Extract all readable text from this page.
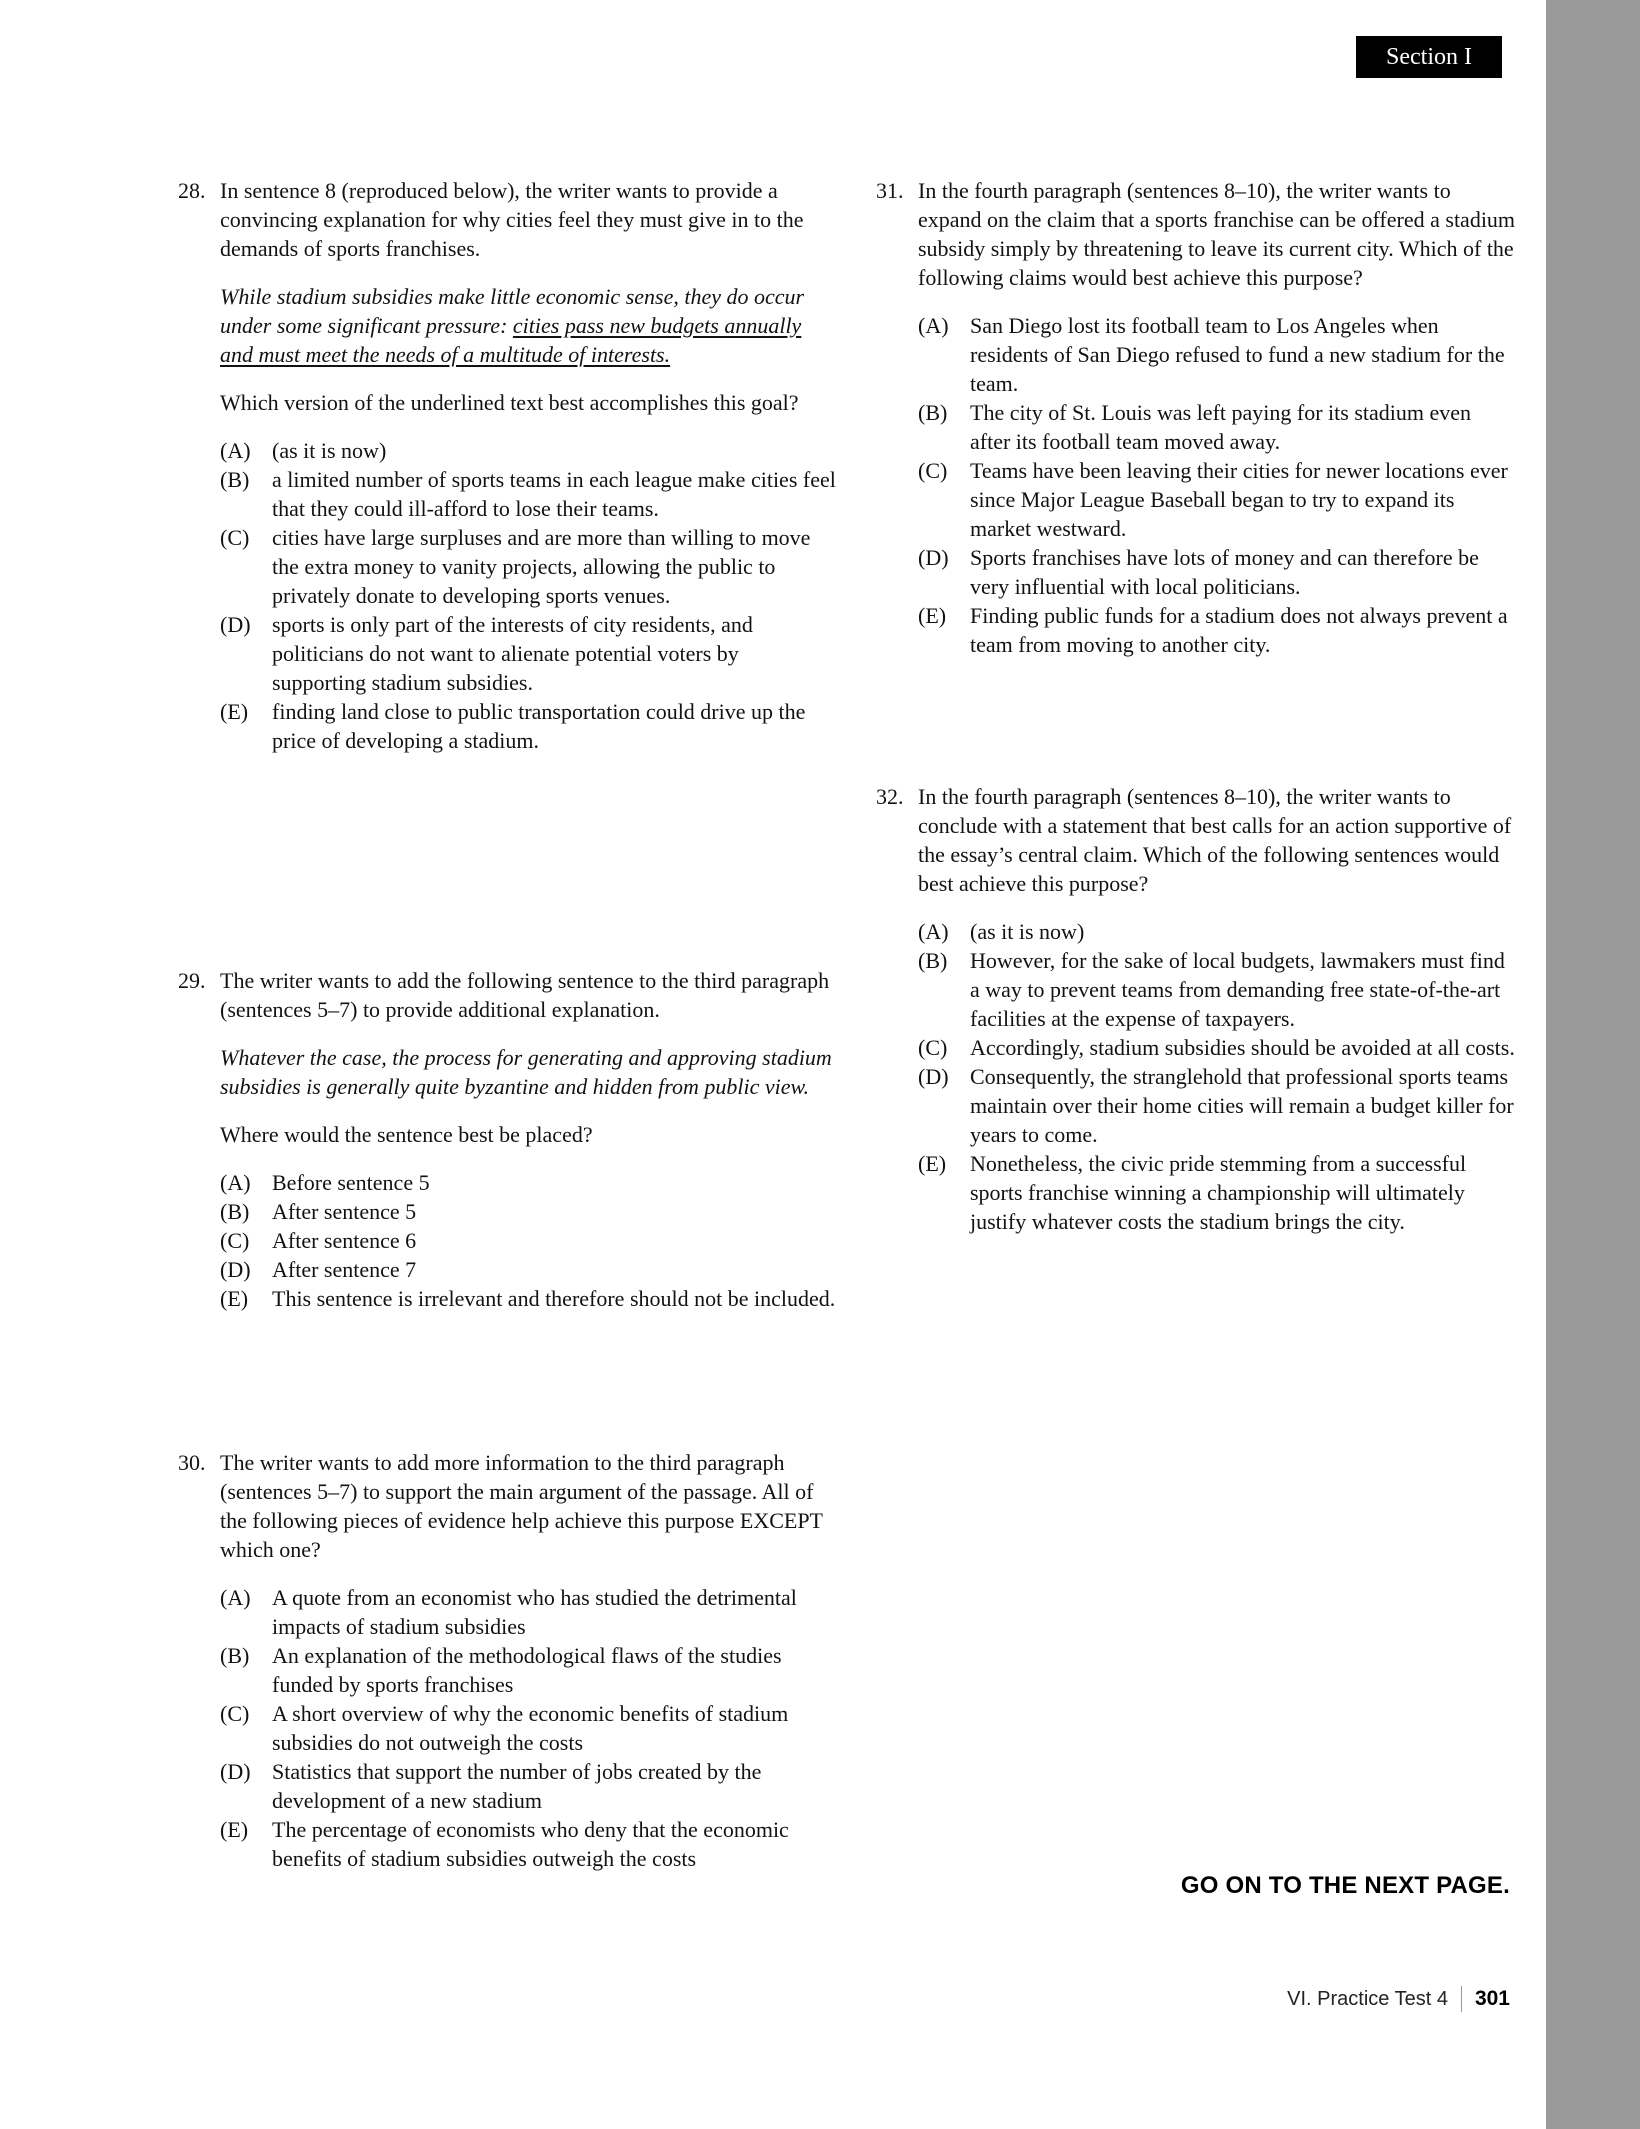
Section I
28. In sentence 8 (reproduced below), the writer wants to provide a convincing explanation for why cities feel they must give in to the demands of sports franchises.

While stadium subsidies make little economic sense, they do occur under some significant pressure: cities pass new budgets annually and must meet the needs of a multitude of interests.

Which version of the underlined text best accomplishes this goal?

(A) (as it is now)
(B)	a limited number of sports teams in each league make cities feel that they could ill-afford to lose their teams.
(C)	cities have large surpluses and are more than willing to move the extra money to vanity projects, allowing the public to privately donate to developing sports venues.
(D) sports is only part of the interests of city residents, and politicians do not want to alienate potential voters by supporting stadium subsidies.
(E)	finding land close to public transportation could drive up the price of developing a stadium.
29. The writer wants to add the following sentence to the third paragraph (sentences 5–7) to provide additional explanation.

Whatever the case, the process for generating and approving stadium subsidies is generally quite byzantine and hidden from public view.

Where would the sentence best be placed?

(A) Before sentence 5
(B)	After sentence 5
(C)	After sentence 6
(D) After sentence 7
(E)	This sentence is irrelevant and therefore should not be included.
30. The writer wants to add more information to the third paragraph (sentences 5–7) to support the main argument of the passage. All of the following pieces of evidence help achieve this purpose EXCEPT which one?

(A) A quote from an economist who has studied the detrimental impacts of stadium subsidies
(B)	An explanation of the methodological flaws of the studies funded by sports franchises
(C)	A short overview of why the economic benefits of stadium subsidies do not outweigh the costs
(D) Statistics that support the number of jobs created by the development of a new stadium
(E)	The percentage of economists who deny that the economic benefits of stadium subsidies outweigh the costs
31. In the fourth paragraph (sentences 8–10), the writer wants to expand on the claim that a sports franchise can be offered a stadium subsidy simply by threatening to leave its current city. Which of the following claims would best achieve this purpose?

(A) San Diego lost its football team to Los Angeles when residents of San Diego refused to fund a new stadium for the team.
(B)	The city of St. Louis was left paying for its stadium even after its football team moved away.
(C)	Teams have been leaving their cities for newer locations ever since Major League Baseball began to try to expand its market westward.
(D) Sports franchises have lots of money and can therefore be very influential with local politicians.
(E)	Finding public funds for a stadium does not always prevent a team from moving to another city.
32. In the fourth paragraph (sentences 8–10), the writer wants to conclude with a statement that best calls for an action supportive of the essay’s central claim. Which of the following sentences would best achieve this purpose?

(A) (as it is now)
(B)	However, for the sake of local budgets, lawmakers must find a way to prevent teams from demanding free state-of-the-art facilities at the expense of taxpayers.
(C)	Accordingly, stadium subsidies should be avoided at all costs.
(D) Consequently, the stranglehold that professional sports teams maintain over their home cities will remain a budget killer for years to come.
(E)	Nonetheless, the civic pride stemming from a successful sports franchise winning a championship will ultimately justify whatever costs the stadium brings the city.
GO ON TO THE NEXT PAGE.
VI. Practice Test 4 301
